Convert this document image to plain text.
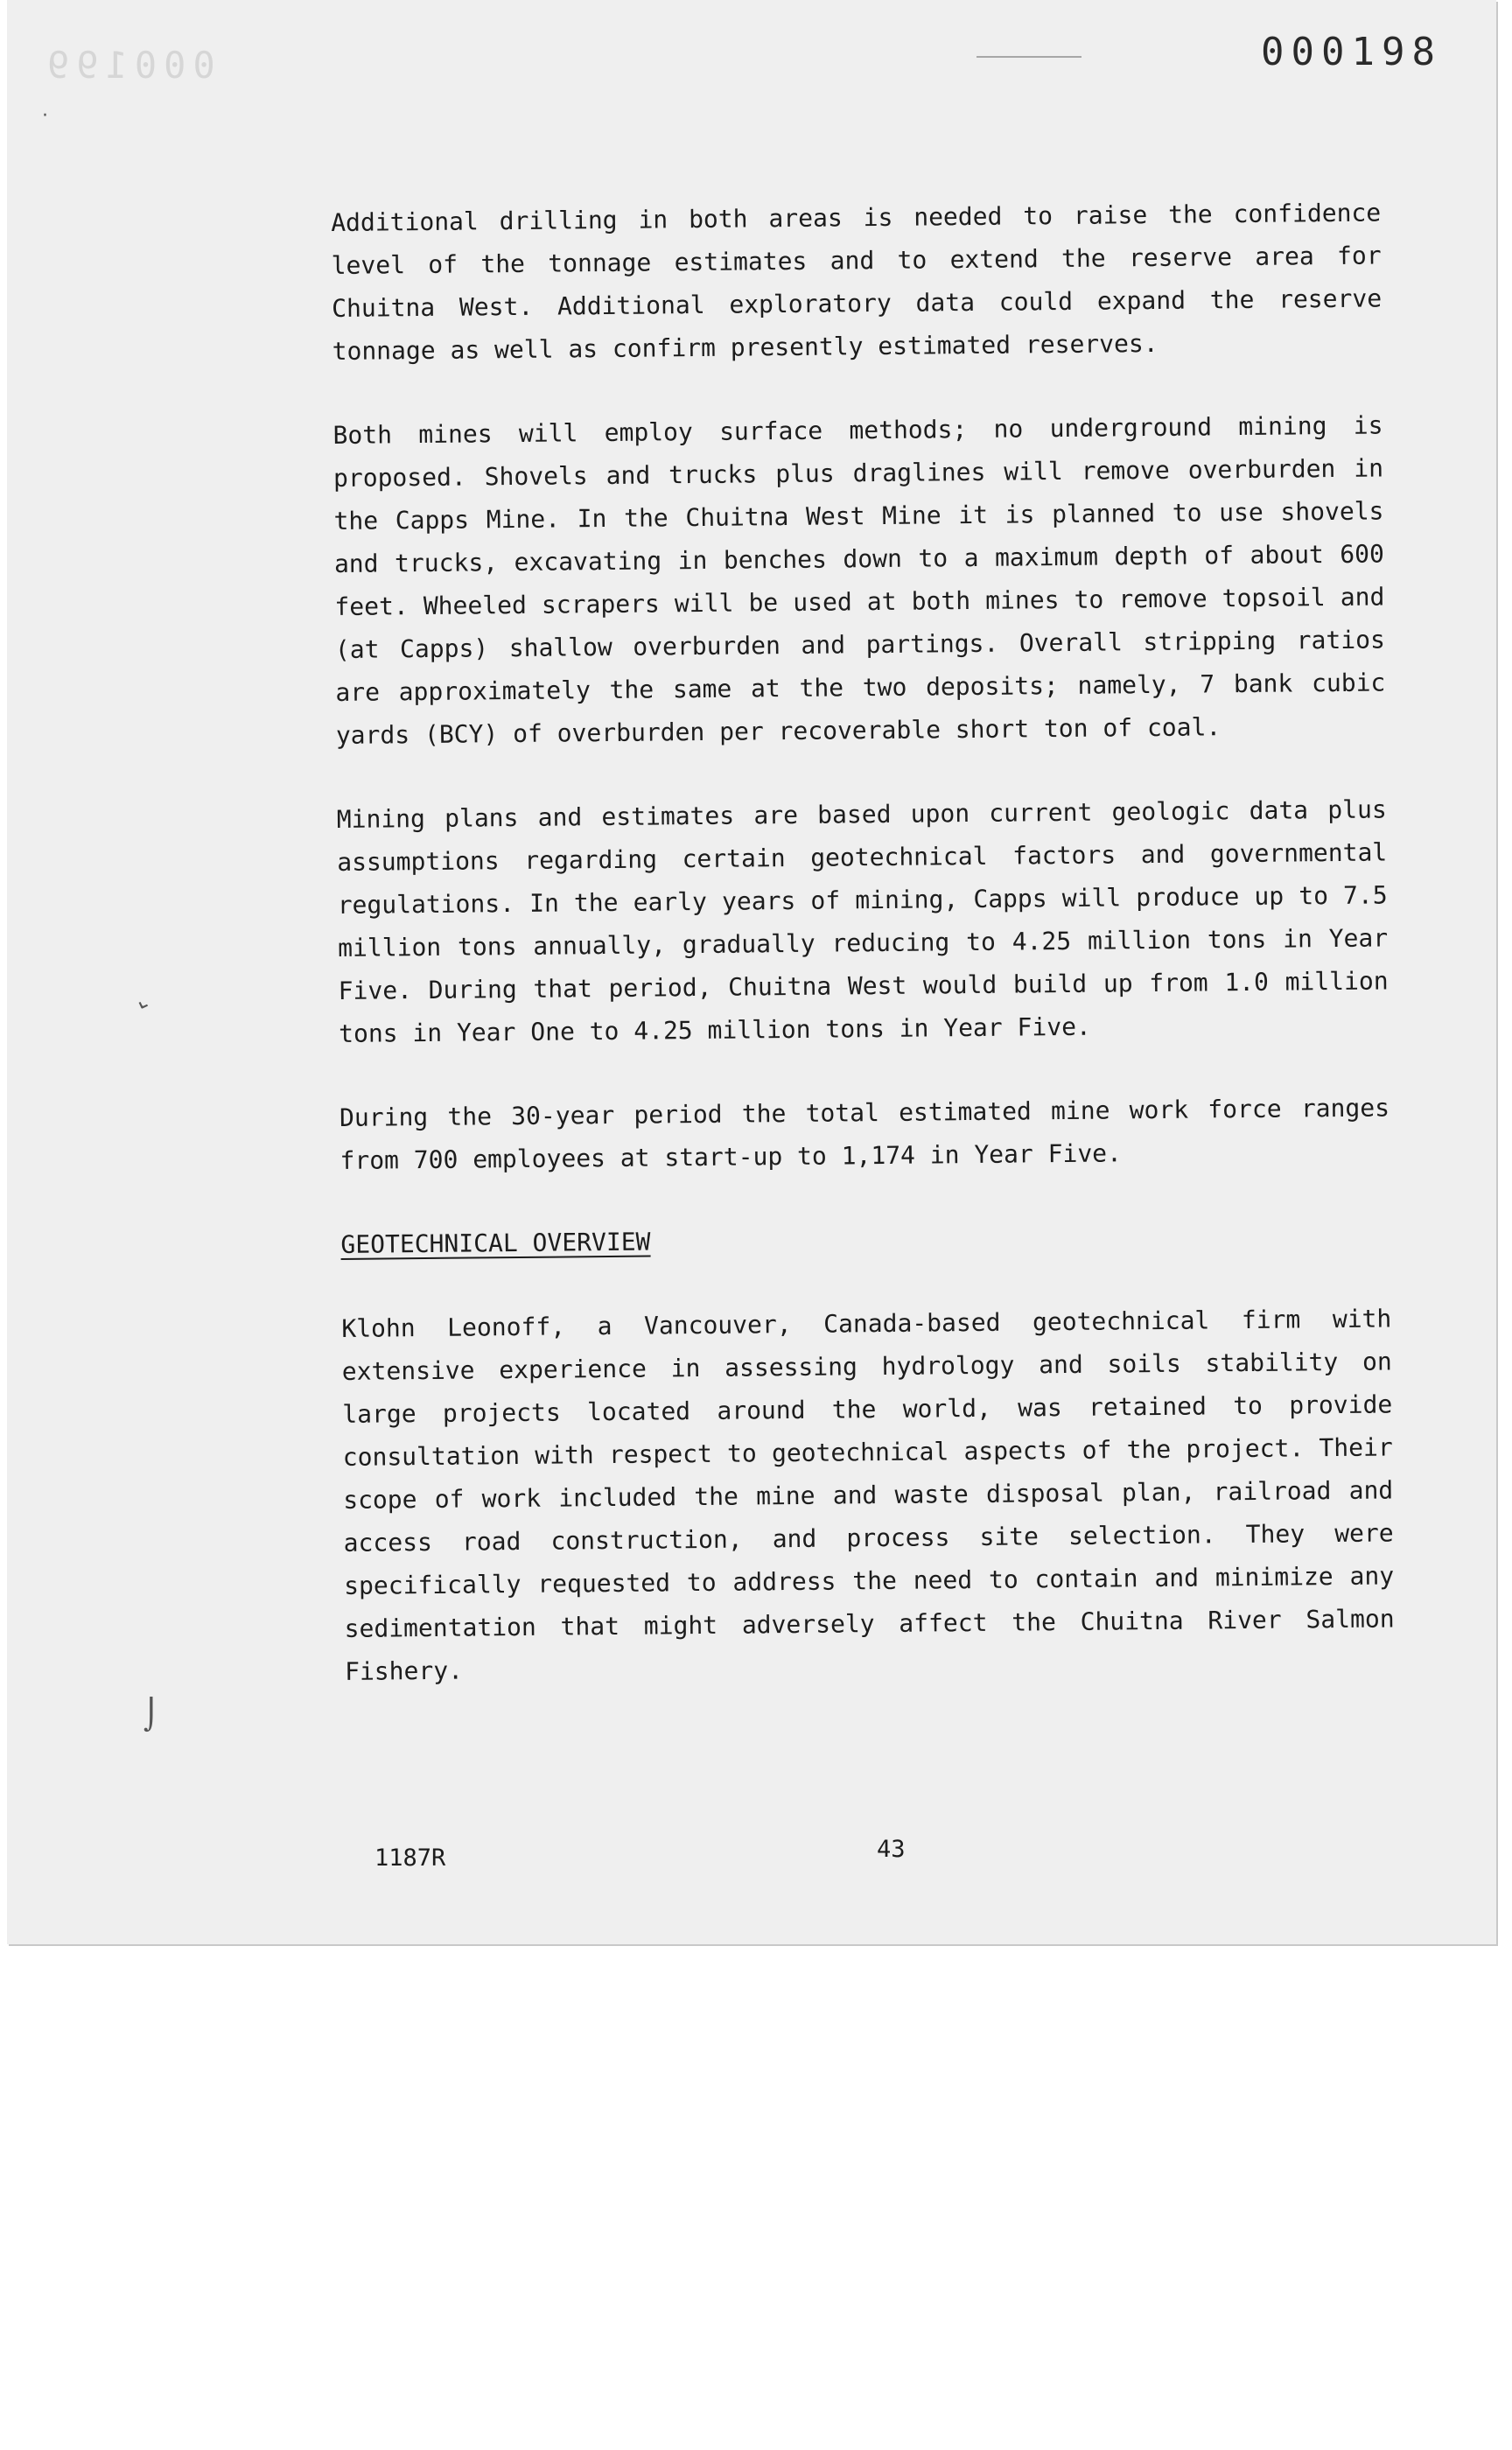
000199	000198
·
⌄
⌡

Additional drilling in both areas is needed to raise the confidence level of the tonnage estimates and to extend the reserve area for Chuitna West. Additional exploratory data could expand the reserve tonnage as well as confirm presently estimated reserves.

Both mines will employ surface methods; no underground mining is proposed. Shovels and trucks plus draglines will remove overburden in the Capps Mine. In the Chuitna West Mine it is planned to use shovels and trucks, excavating in benches down to a maximum depth of about 600 feet. Wheeled scrapers will be used at both mines to remove topsoil and (at Capps) shallow overburden and partings. Overall stripping ratios are approximately the same at the two deposits; namely, 7 bank cubic yards (BCY) of overburden per recoverable short ton of coal.

Mining plans and estimates are based upon current geologic data plus assumptions regarding certain geotechnical factors and governmental regulations. In the early years of mining, Capps will produce up to 7.5 million tons annually, gradually reducing to 4.25 million tons in Year Five. During that period, Chuitna West would build up from 1.0 million tons in Year One to 4.25 million tons in Year Five.

During the 30-year period the total estimated mine work force ranges from 700 employees at start-up to 1,174 in Year Five.

GEOTECHNICAL OVERVIEW

Klohn Leonoff, a Vancouver, Canada-based geotechnical firm with extensive experience in assessing hydrology and soils stability on large projects located around the world, was retained to provide consultation with respect to geotechnical aspects of the project. Their scope of work included the mine and waste disposal plan, railroad and access road construction, and process site selection. They were specifically requested to address the need to contain and minimize any sedimentation that might adversely affect the Chuitna River Salmon Fishery.

1187R	43
